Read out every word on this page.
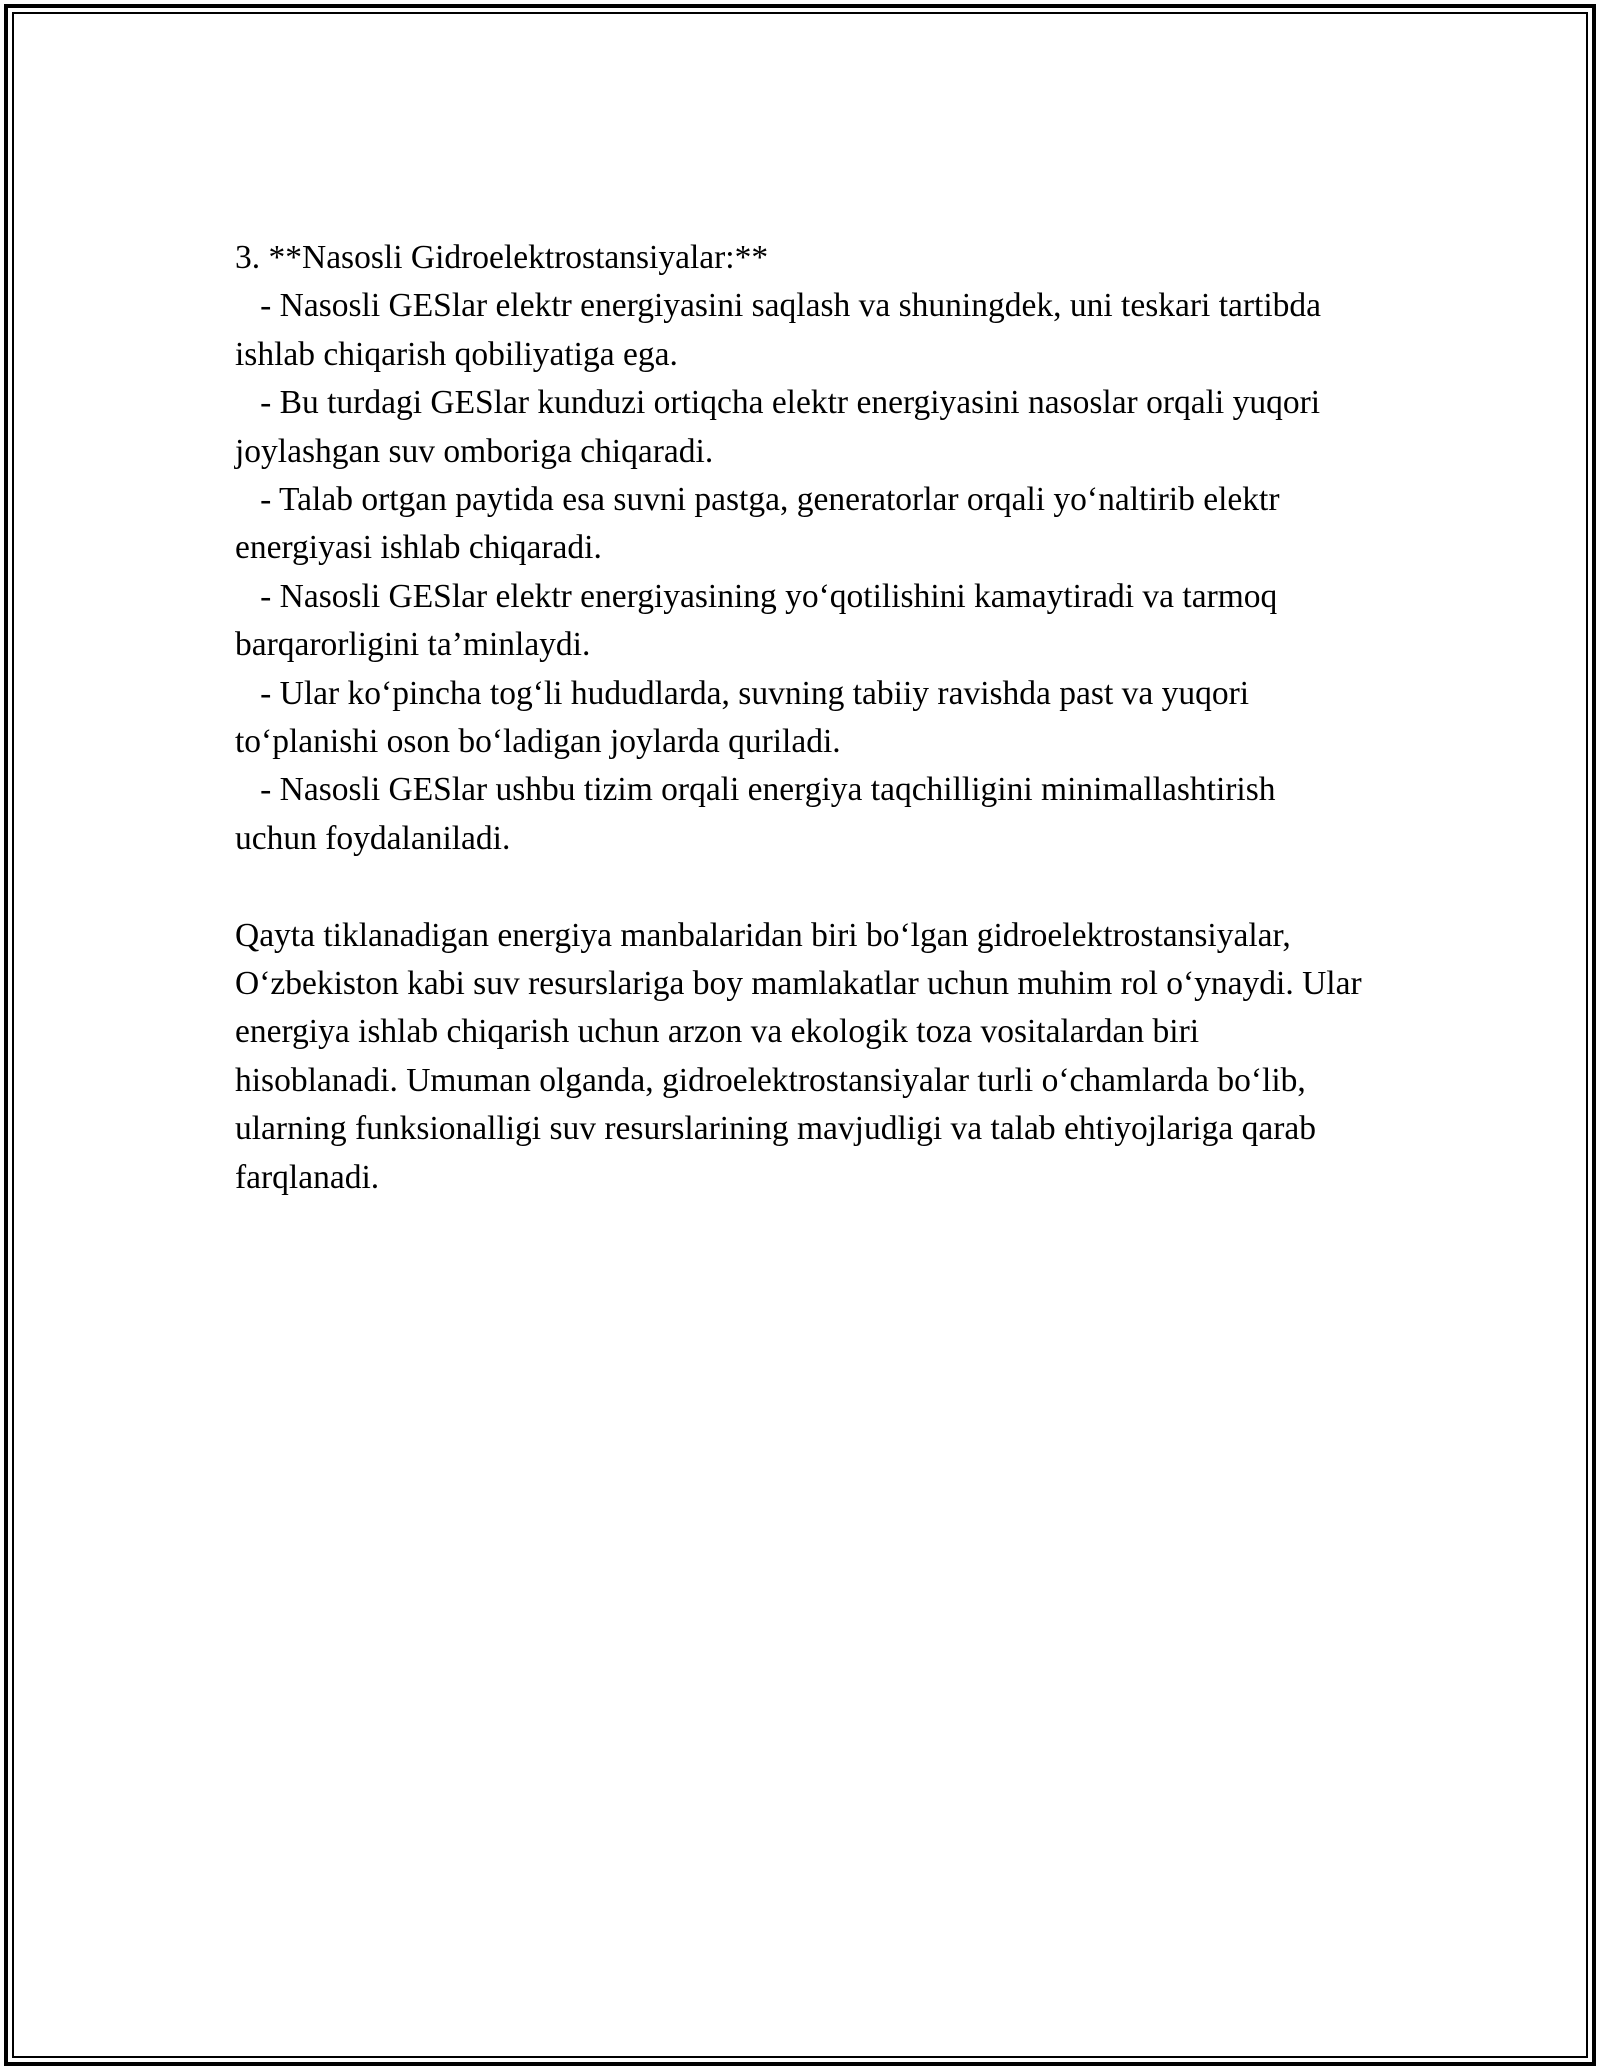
3. **Nasosli Gidroelektrostansiyalar:**

- Nasosli GESlar elektr energiyasini saqlash va shuningdek, uni teskari tartibda ishlab chiqarish qobiliyatiga ega.

- Bu turdagi GESlar kunduzi ortiqcha elektr energiyasini nasoslar orqali yuqori joylashgan suv omboriga chiqaradi.

- Talab ortgan paytida esa suvni pastga, generatorlar orqali yo‘naltirib elektr energiyasi ishlab chiqaradi.

- Nasosli GESlar elektr energiyasining yo‘qotilishini kamaytiradi va tarmoq barqarorligini ta’minlaydi.

- Ular ko‘pincha tog‘li hududlarda, suvning tabiiy ravishda past va yuqori to‘planishi oson bo‘ladigan joylarda quriladi.

- Nasosli GESlar ushbu tizim orqali energiya taqchilligini minimallashtirish uchun foydalaniladi.

Qayta tiklanadigan energiya manbalaridan biri bo‘lgan gidroelektrostansiyalar, O‘zbekiston kabi suv resurslariga boy mamlakatlar uchun muhim rol o‘ynaydi. Ular energiya ishlab chiqarish uchun arzon va ekologik toza vositalardan biri hisoblanadi. Umuman olganda, gidroelektrostansiyalar turli o‘chamlarda bo‘lib, ularning funksionalligi suv resurslarining mavjudligi va talab ehtiyojlariga qarab farqlanadi.
